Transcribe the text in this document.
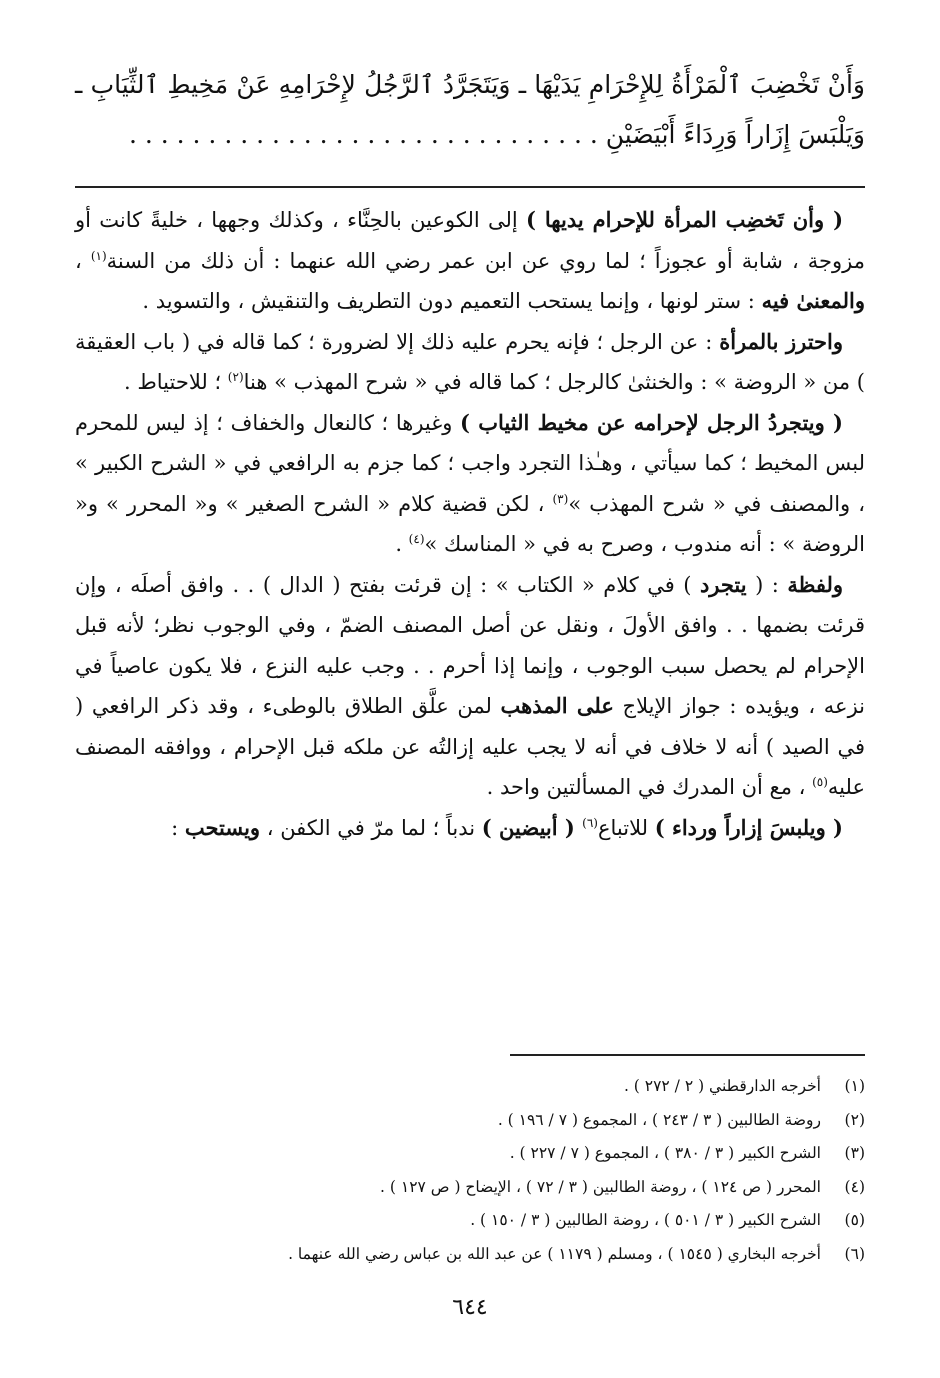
وَأَنْ تَخْضِبَ ٱلْمَرْأَةُ لِلإِحْرَامِ يَدَيْهَا ـ وَيَتَجَرَّدُ ٱلرَّجُلُ لإِحْرَامِهِ عَنْ مَخِيطِ ٱلثِّيَابِ ـ وَيَلْبَسَ إِزَاراً وَرِدَاءً أَبْيَضَيْنِ . . . . . . . . . . . . . . . . . . . . . . . . . . . . . .

( وأن تَخضِب المرأة للإحرام يديها ) إلى الكوعين بالحِنَّاء ، وكذلك وجهها ، خليةً كانت أو مزوجة ، شابة أو عجوزاً ؛ لما روي عن ابن عمر رضي الله عنهما : أن ذلك من السنة$^{(١)}$ ، والمعنىٰ فيه : ستر لونها ، وإنما يستحب التعميم دون التطريف والتنقيش ، والتسويد .

واحترز بالمرأة : عن الرجل ؛ فإنه يحرم عليه ذلك إلا لضرورة ؛ كما قاله في ( باب العقيقة ) من « الروضة » : والخنثىٰ كالرجل ؛ كما قاله في « شرح المهذب » هنا$^{(٢)}$ ؛ للاحتياط .

( ويتجردُ الرجل لإحرامه عن مخيط الثياب ) وغيرها ؛ كالنعال والخفاف ؛ إذ ليس للمحرم لبس المخيط ؛ كما سيأتي ، وهـٰذا التجرد واجب ؛ كما جزم به الرافعي في « الشرح الكبير » ، والمصنف في « شرح المهذب »$^{(٣)}$ ، لكن قضية كلام « الشرح الصغير » و« المحرر » و« الروضة » : أنه مندوب ، وصرح به في « المناسك »$^{(٤)}$ .

ولفظة : ( يتجرد ) في كلام « الكتاب » : إن قرئت بفتح ( الدال ) . . وافق أصلَه ، وإن قرئت بضمها . . وافق الأولَ ، ونقل عن أصل المصنف الضمّ ، وفي الوجوب نظر؛ لأنه قبل الإحرام لم يحصل سبب الوجوب ، وإنما إذا أحرم . . وجب عليه النزع ، فلا يكون عاصياً في نزعه ، ويؤيده : جواز الإيلاج على المذهب لمن علَّق الطلاق بالوطىء ، وقد ذكر الرافعي ( في الصيد ) أنه لا خلاف في أنه لا يجب عليه إزالتُه عن ملكه قبل الإحرام ، ووافقه المصنف عليه$^{(٥)}$ ، مع أن المدرك في المسألتين واحد .

( ويلبسَ إزاراً ورداء ) للاتباع$^{(٦)}$ ( أبيضين ) ندباً ؛ لما مرّ في الكفن ، ويستحب :

(١)أخرجه الدارقطني ( ٢ / ٢٧٢ ) .
(٢)روضة الطالبين ( ٣ / ٢٤٣ ) ، المجموع ( ٧ / ١٩٦ ) .
(٣)الشرح الكبير ( ٣ / ٣٨٠ ) ، المجموع ( ٧ / ٢٢٧ ) .
(٤)المحرر ( ص ١٢٤ ) ، روضة الطالبين ( ٣ / ٧٢ ) ، الإيضاح ( ص ١٢٧ ) .
(٥)الشرح الكبير ( ٣ / ٥٠١ ) ، روضة الطالبين ( ٣ / ١٥٠ ) .
(٦)أخرجه البخاري ( ١٥٤٥ ) ، ومسلم ( ١١٧٩ ) عن عبد الله بن عباس رضي الله عنهما .
٦٤٤
